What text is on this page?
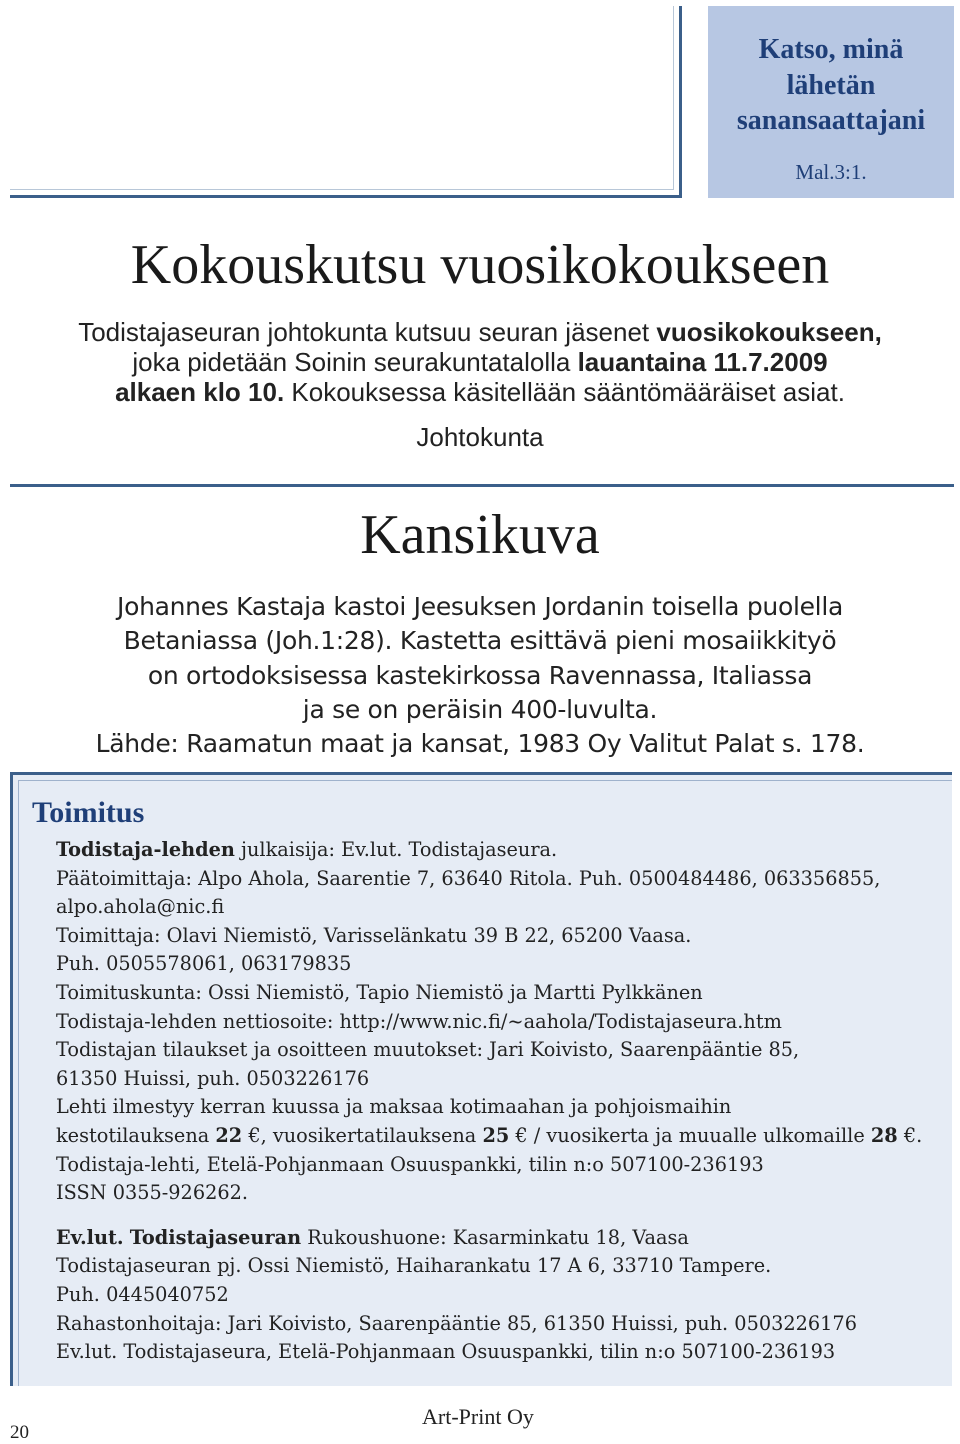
Katso, minä
lähetän
sanansaattajani
Mal.3:1.
Kokouskutsu vuosikokoukseen
Todistajaseuran johtokunta kutsuu seuran jäsenet vuosikokoukseen,
joka pidetään Soinin seurakuntatalolla lauantaina 11.7.2009
alkaen klo 10. Kokouksessa käsitellään sääntömääräiset asiat.
Johtokunta
Kansikuva
Johannes Kastaja kastoi Jeesuksen Jordanin toisella puolella
Betaniassa (Joh.1:28). Kastetta esittävä pieni mosaiikkityö
on ortodoksisessa kastekirkossa Ravennassa, Italiassa
ja se on peräisin 400-luvulta.
Lähde: Raamatun maat ja kansat, 1983 Oy Valitut Palat s. 178.
Toimitus
Todistaja-lehden julkaisija: Ev.lut. Todistajaseura.
Päätoimittaja: Alpo Ahola, Saarentie 7, 63640 Ritola. Puh. 0500484486, 063356855,
alpo.ahola@nic.fi
Toimittaja: Olavi Niemistö, Varisselänkatu 39 B 22, 65200 Vaasa.
Puh. 0505578061, 063179835
Toimituskunta: Ossi Niemistö, Tapio Niemistö ja Martti Pylkkänen
Todistaja-lehden nettiosoite: http://www.nic.fi/~aahola/Todistajaseura.htm
Todistajan tilaukset ja osoitteen muutokset: Jari Koivisto, Saarenpääntie 85,
61350 Huissi, puh. 0503226176
Lehti ilmestyy kerran kuussa ja maksaa kotimaahan ja pohjoismaihin
kestotilauksena 22 €, vuosikertatilauksena 25 € / vuosikerta ja muualle ulkomaille 28 €.
Todistaja-lehti, Etelä-Pohjanmaan Osuuspankki, tilin n:o 507100-236193
ISSN 0355-926262.
Ev.lut. Todistajaseuran Rukoushuone: Kasarminkatu 18, Vaasa
Todistajaseuran pj. Ossi Niemistö, Haiharankatu 17 A 6, 33710 Tampere.
Puh. 0445040752
Rahastonhoitaja: Jari Koivisto, Saarenpääntie 85, 61350 Huissi, puh. 0503226176
Ev.lut. Todistajaseura, Etelä-Pohjanmaan Osuuspankki, tilin n:o 507100-236193
20
Art-Print Oy
